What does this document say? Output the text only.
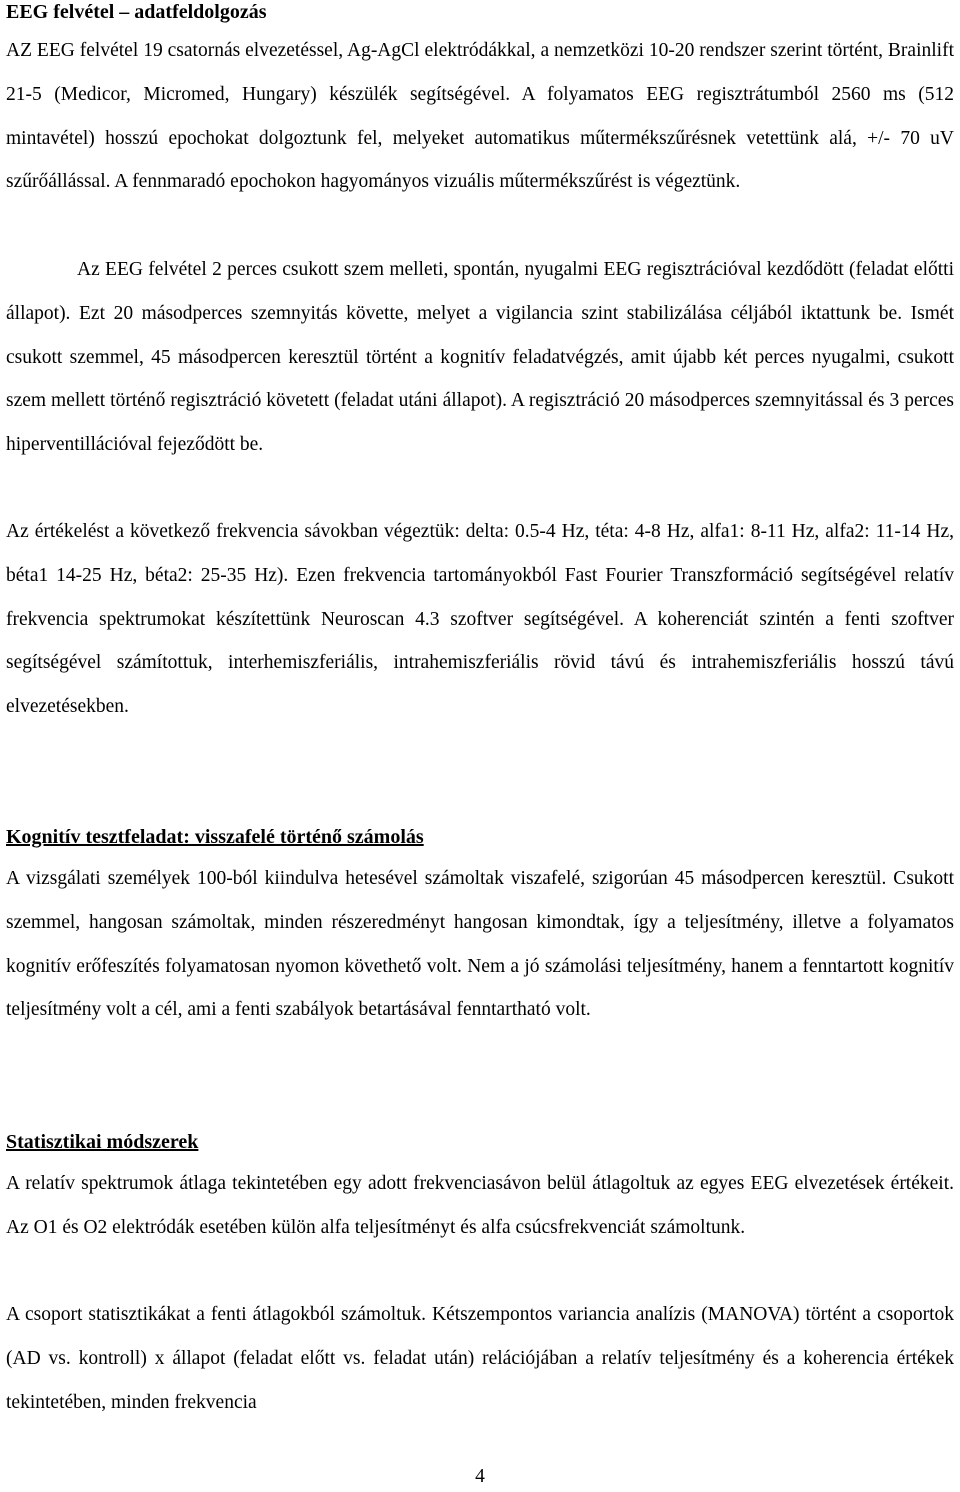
EEG felvétel – adatfeldolgozás

AZ EEG felvétel 19 csatornás elvezetéssel, Ag-AgCl elektródákkal, a nemzetközi 10-20 rendszer szerint történt, Brainlift 21-5 (Medicor, Micromed, Hungary) készülék segítségével. A folyamatos EEG regisztrátumból 2560 ms (512 mintavétel) hosszú epochokat dolgoztunk fel, melyeket automatikus műtermékszűrésnek vetettünk alá, +/- 70 uV szűrőállással. A fennmaradó epochokon hagyományos vizuális műtermékszűrést is végeztünk.

Az EEG felvétel 2 perces csukott szem melleti, spontán, nyugalmi EEG regisztrációval kezdődött (feladat előtti állapot). Ezt 20 másodperces szemnyitás követte, melyet a vigilancia szint stabilizálása céljából iktattunk be. Ismét csukott szemmel, 45 másodpercen keresztül történt a kognitív feladatvégzés, amit újabb két perces nyugalmi, csukott szem mellett történő regisztráció követett (feladat utáni állapot). A regisztráció 20 másodperces szemnyitással és 3 perces hiperventillációval fejeződött be.

Az értékelést a következő frekvencia sávokban végeztük: delta: 0.5-4 Hz, téta: 4-8 Hz, alfa1: 8-11 Hz, alfa2: 11-14 Hz, béta1 14-25 Hz, béta2: 25-35 Hz). Ezen frekvencia tartományokból Fast Fourier Transzformáció segítségével relatív frekvencia spektrumokat készítettünk Neuroscan 4.3 szoftver segítségével. A koherenciát szintén a fenti szoftver segítségével számítottuk, interhemiszferiális, intrahemiszferiális rövid távú és intrahemiszferiális hosszú távú elvezetésekben.

Kognitív tesztfeladat: visszafelé történő számolás

A vizsgálati személyek 100-ból kiindulva hetesével számoltak viszafelé, szigorúan 45 másodpercen keresztül. Csukott szemmel, hangosan számoltak, minden részeredményt hangosan kimondtak, így a teljesítmény, illetve a folyamatos kognitív erőfeszítés folyamatosan nyomon követhető volt. Nem a jó számolási teljesítmény, hanem a fenntartott kognitív teljesítmény volt a cél, ami a fenti szabályok betartásával fenntartható volt.

Statisztikai módszerek

A relatív spektrumok átlaga tekintetében egy adott frekvenciasávon belül átlagoltuk az egyes EEG elvezetések értékeit. Az O1 és O2 elektródák esetében külön alfa teljesítményt és alfa csúcsfrekvenciát számoltunk.

A csoport statisztikákat a fenti átlagokból számoltuk. Kétszempontos variancia analízis (MANOVA) történt a csoportok (AD vs. kontroll) x állapot (feladat előtt vs. feladat után) relációjában a relatív teljesítmény és a koherencia értékek tekintetében, minden frekvencia

4
